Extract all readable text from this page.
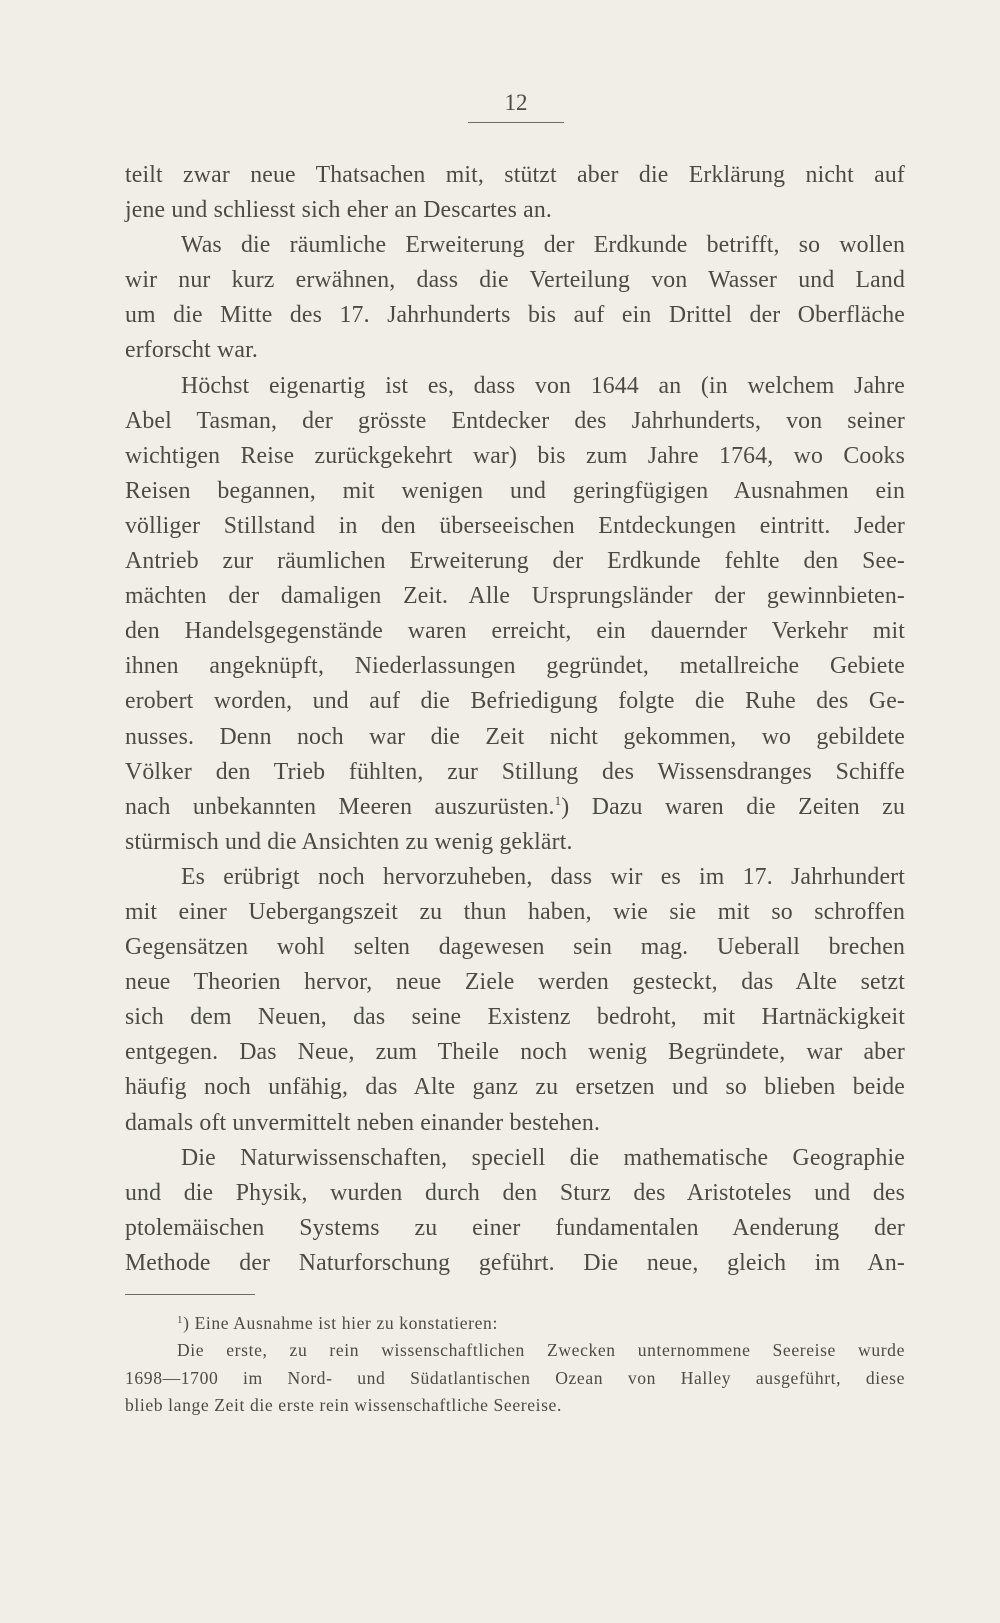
12
teilt zwar neue Thatsachen mit, stützt aber die Erklärung nicht auf
jene und schliesst sich eher an Descartes an.
Was die räumliche Erweiterung der Erdkunde betrifft, so wollen
wir nur kurz erwähnen, dass die Verteilung von Wasser und Land
um die Mitte des 17. Jahrhunderts bis auf ein Drittel der Oberfläche
erforscht war.
Höchst eigenartig ist es, dass von 1644 an (in welchem Jahre
Abel Tasman, der grösste Entdecker des Jahrhunderts, von seiner
wichtigen Reise zurückgekehrt war) bis zum Jahre 1764, wo Cooks
Reisen begannen, mit wenigen und geringfügigen Ausnahmen ein
völliger Stillstand in den überseeischen Entdeckungen eintritt. Jeder
Antrieb zur räumlichen Erweiterung der Erdkunde fehlte den See-
mächten der damaligen Zeit. Alle Ursprungsländer der gewinnbieten-
den Handelsgegenstände waren erreicht, ein dauernder Verkehr mit
ihnen angeknüpft, Niederlassungen gegründet, metallreiche Gebiete
erobert worden, und auf die Befriedigung folgte die Ruhe des Ge-
nusses. Denn noch war die Zeit nicht gekommen, wo gebildete
Völker den Trieb fühlten, zur Stillung des Wissensdranges Schiffe
nach unbekannten Meeren auszurüsten.$^1$) Dazu waren die Zeiten zu
stürmisch und die Ansichten zu wenig geklärt.
Es erübrigt noch hervorzuheben, dass wir es im 17. Jahrhundert
mit einer Uebergangszeit zu thun haben, wie sie mit so schroffen
Gegensätzen wohl selten dagewesen sein mag. Ueberall brechen
neue Theorien hervor, neue Ziele werden gesteckt, das Alte setzt
sich dem Neuen, das seine Existenz bedroht, mit Hartnäckigkeit
entgegen. Das Neue, zum Theile noch wenig Begründete, war aber
häufig noch unfähig, das Alte ganz zu ersetzen und so blieben beide
damals oft unvermittelt neben einander bestehen.
Die Naturwissenschaften, speciell die mathematische Geographie
und die Physik, wurden durch den Sturz des Aristoteles und des
ptolemäischen Systems zu einer fundamentalen Aenderung der
Methode der Naturforschung geführt. Die neue, gleich im An-
$^1$) Eine Ausnahme ist hier zu konstatieren:
Die erste, zu rein wissenschaftlichen Zwecken unternommene Seereise wurde
1698—1700 im Nord- und Südatlantischen Ozean von Halley ausgeführt, diese
blieb lange Zeit die erste rein wissenschaftliche Seereise.
